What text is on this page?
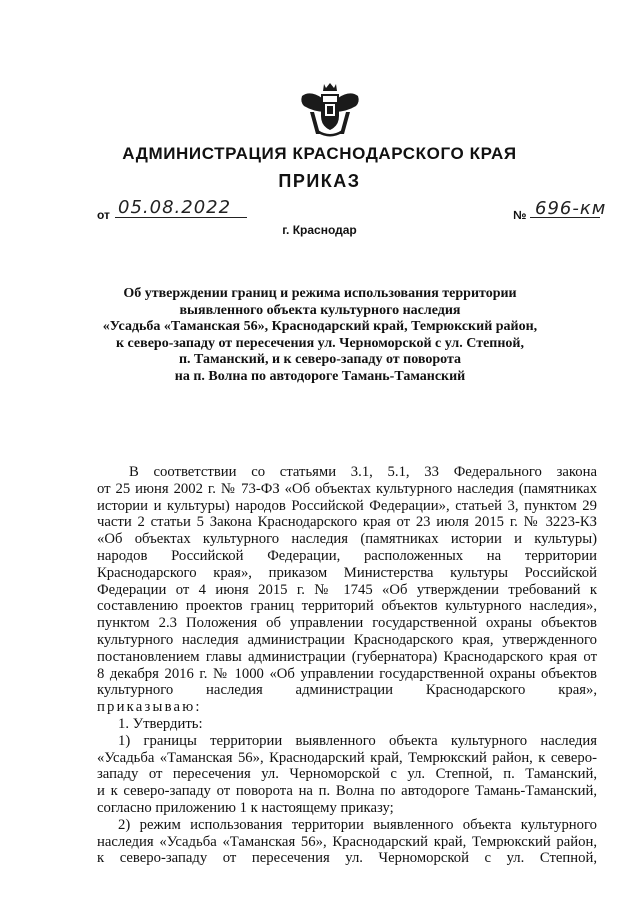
АДМИНИСТРАЦИЯ КРАСНОДАРСКОГО КРАЯ
ПРИКАЗ
от 05.08.2022	№ 696-км
г. Краснодар
Об утверждении границ и режима использования территории
выявленного объекта культурного наследия
«Усадьба «Таманская 56», Краснодарский край, Темрюкский район,
к северо-западу от пересечения ул. Черноморской с ул. Степной,
п. Таманский, и к северо-западу от поворота
на п. Волна по автодороге Тамань-Таманский
В соответствии со статьями 3.1, 5.1, 33 Федерального закона
от 25 июня 2002 г. № 73-ФЗ «Об объектах культурного наследия (памятниках
истории и культуры) народов Российской Федерации», статьей 3, пунктом 29
части 2 статьи 5 Закона Краснодарского края от 23 июля 2015 г. № 3223-КЗ
«Об объектах культурного наследия (памятниках истории и культуры)
народов Российской Федерации, расположенных на территории
Краснодарского края», приказом Министерства культуры Российской
Федерации от 4 июня 2015 г. № 1745 «Об утверждении требований к
составлению проектов границ территорий объектов культурного наследия»,
пунктом 2.3 Положения об управлении государственной охраны объектов
культурного наследия администрации Краснодарского края, утвержденного
постановлением главы администрации (губернатора) Краснодарского края от
8 декабря 2016 г. № 1000 «Об управлении государственной охраны объектов
культурного наследия администрации Краснодарского края»,
приказываю:
1. Утвердить:
1) границы территории выявленного объекта культурного наследия
«Усадьба «Таманская 56», Краснодарский край, Темрюкский район, к северо-
западу от пересечения ул. Черноморской с ул. Степной, п. Таманский,
и к северо-западу от поворота на п. Волна по автодороге Тамань-Таманский,
согласно приложению 1 к настоящему приказу;
2) режим использования территории выявленного объекта культурного
наследия «Усадьба «Таманская 56», Краснодарский край, Темрюкский район,
к северо-западу от пересечения ул. Черноморской с ул. Степной,
